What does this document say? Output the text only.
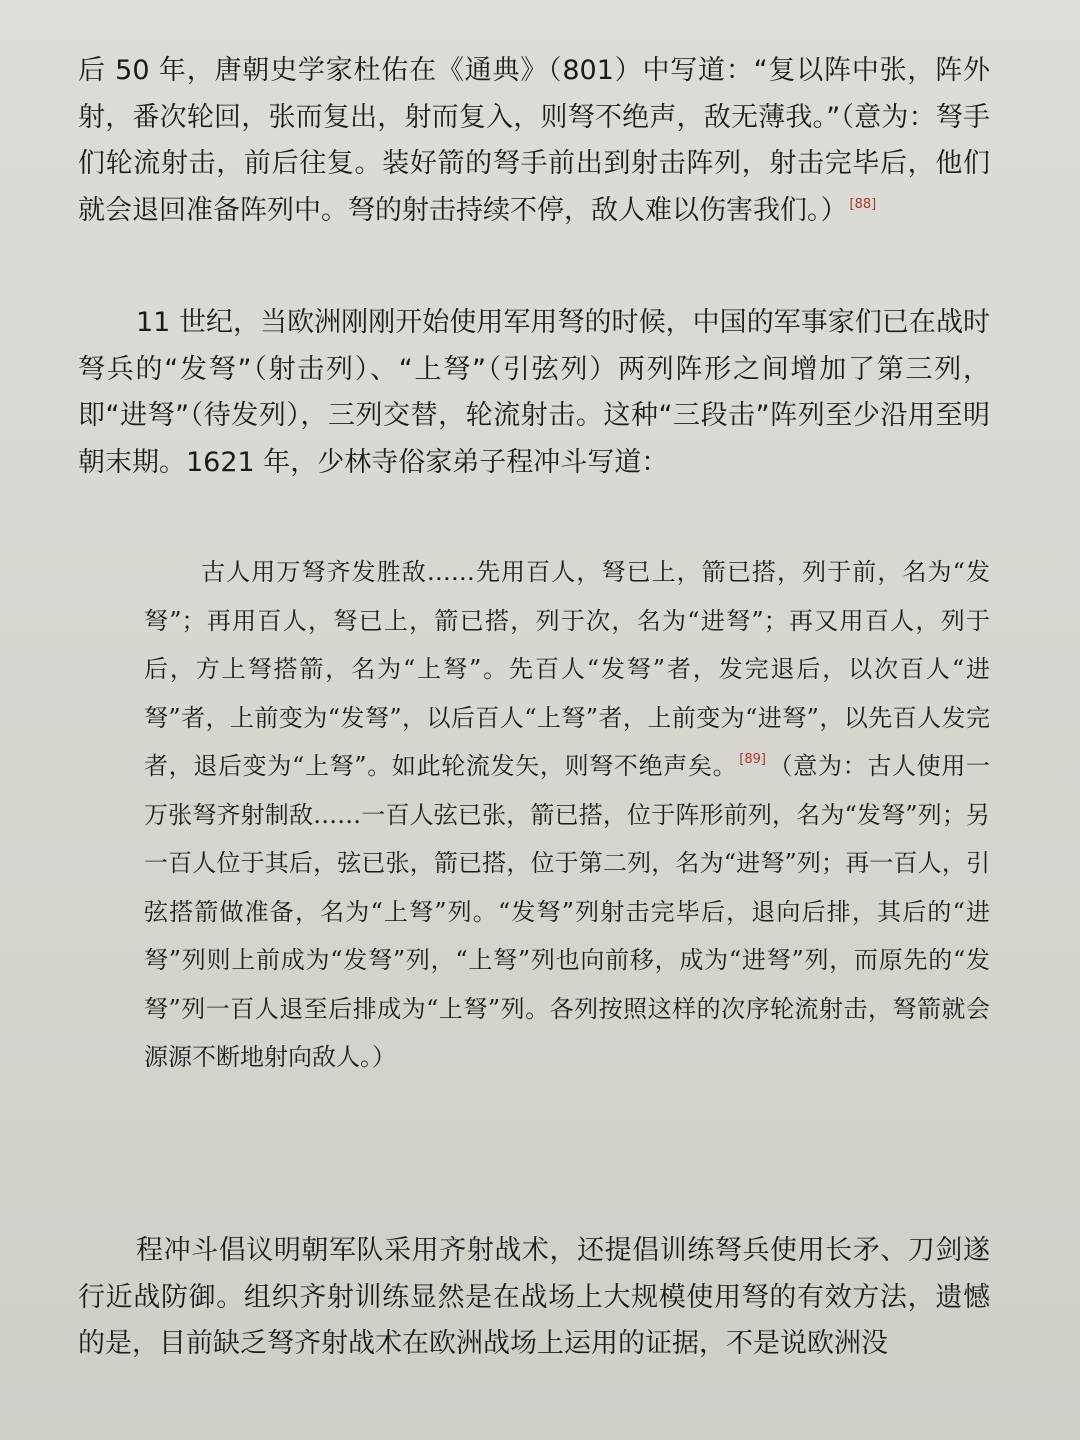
后 50 年，唐朝史学家杜佑在《通典》（801）中写道：“复以阵中张，阵外射，番次轮回，张而复出，射而复入，则弩不绝声，敌无薄我。”（意为：弩手们轮流射击，前后往复。装好箭的弩手前出到射击阵列，射击完毕后，他们就会退回准备阵列中。弩的射击持续不停，敌人难以伤害我们。） [88]

11 世纪，当欧洲刚刚开始使用军用弩的时候，中国的军事家们已在战时弩兵的“发弩”（射击列）、“上弩”（引弦列）两列阵形之间增加了第三列，即“进弩”（待发列），三列交替，轮流射击。这种“三段击”阵列至少沿用至明朝末期。1621 年，少林寺俗家弟子程冲斗写道：

古人用万弩齐发胜敌……先用百人，弩已上，箭已搭，列于前，名为“发弩”；再用百人，弩已上，箭已搭，列于次，名为“进弩”；再又用百人，列于后，方上弩搭箭，名为“上弩”。先百人“发弩”者，发完退后，以次百人“进弩”者，上前变为“发弩”，以后百人“上弩”者，上前变为“进弩”，以先百人发完者，退后变为“上弩”。如此轮流发矢，则弩不绝声矣。 [89]（意为：古人使用一万张弩齐射制敌……一百人弦已张，箭已搭，位于阵形前列，名为“发弩”列；另一百人位于其后，弦已张，箭已搭，位于第二列，名为“进弩”列；再一百人，引弦搭箭做准备，名为“上弩”列。“发弩”列射击完毕后，退向后排，其后的“进弩”列则上前成为“发弩”列，“上弩”列也向前移，成为“进弩”列，而原先的“发弩”列一百人退至后排成为“上弩”列。各列按照这样的次序轮流射击，弩箭就会源源不断地射向敌人。）

程冲斗倡议明朝军队采用齐射战术，还提倡训练弩兵使用长矛、刀剑遂行近战防御。组织齐射训练显然是在战场上大规模使用弩的有效方法，遗憾的是，目前缺乏弩齐射战术在欧洲战场上运用的证据，不是说欧洲没
